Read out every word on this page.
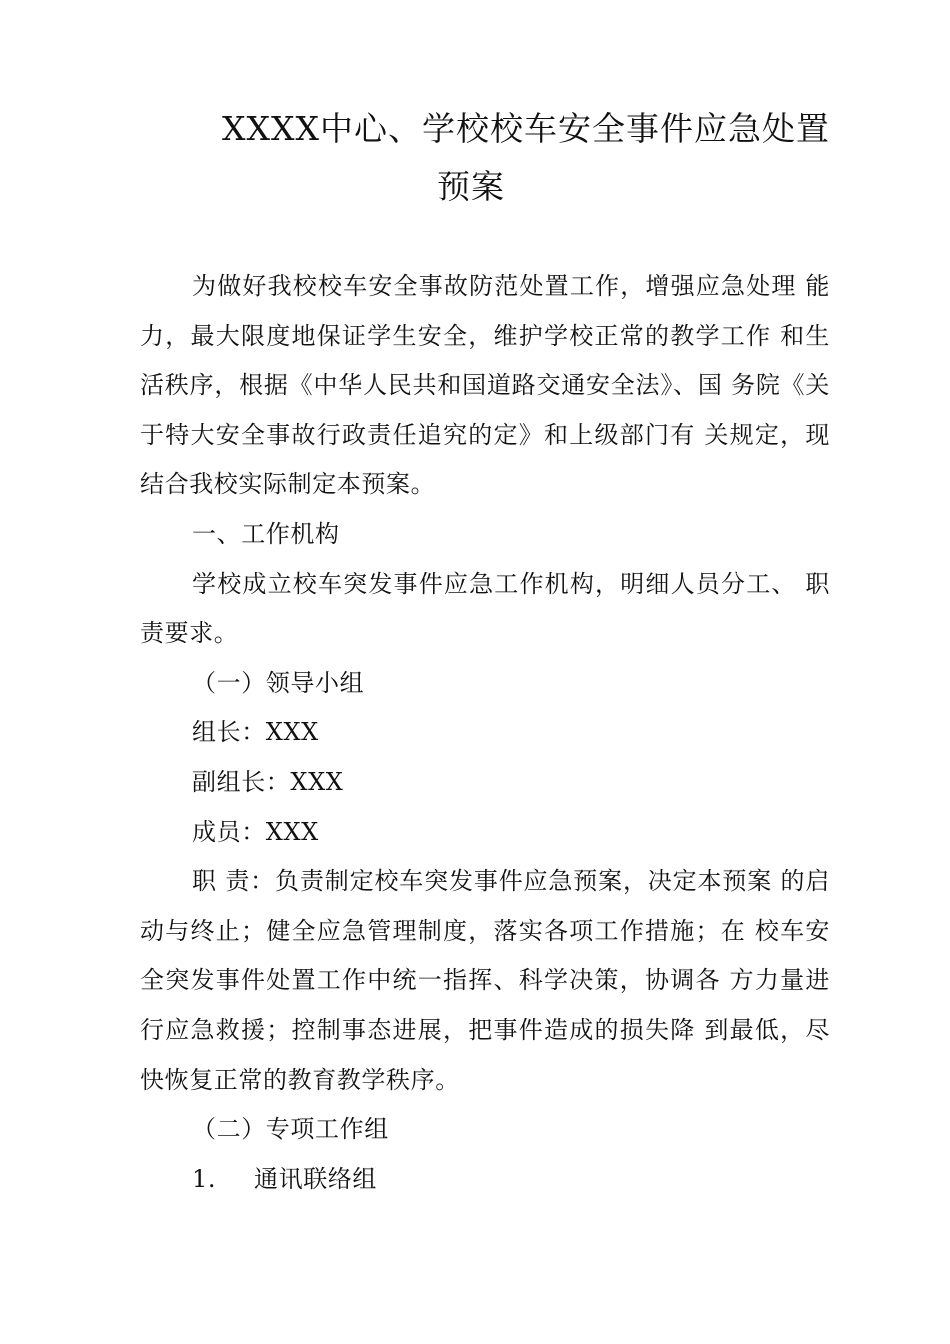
XXXX中心、学校校车安全事件应急处置
预案

为做好我校校车安全事故防范处置工作，增强应急处理 能力，最大限度地保证学生安全，维护学校正常的教学工作 和生活秩序，根据《中华人民共和国道路交通安全法》、国 务院《关于特大安全事故行政责任追究的定》和上级部门有 关规定，现结合我校实际制定本预案。

一、工作机构

学校成立校车突发事件应急工作机构，明细人员分工、 职责要求。

（一）领导小组

组长：XXX

副组长：XXX

成员：XXX

职 责：负责制定校车突发事件应急预案，决定本预案 的启动与终止；健全应急管理制度，落实各项工作措施；在 校车安全突发事件处置工作中统一指挥、科学决策，协调各 方力量进行应急救援；控制事态进展，把事件造成的损失降 到最低，尽快恢复正常的教育教学秩序。

（二）专项工作组

1. 通讯联络组
